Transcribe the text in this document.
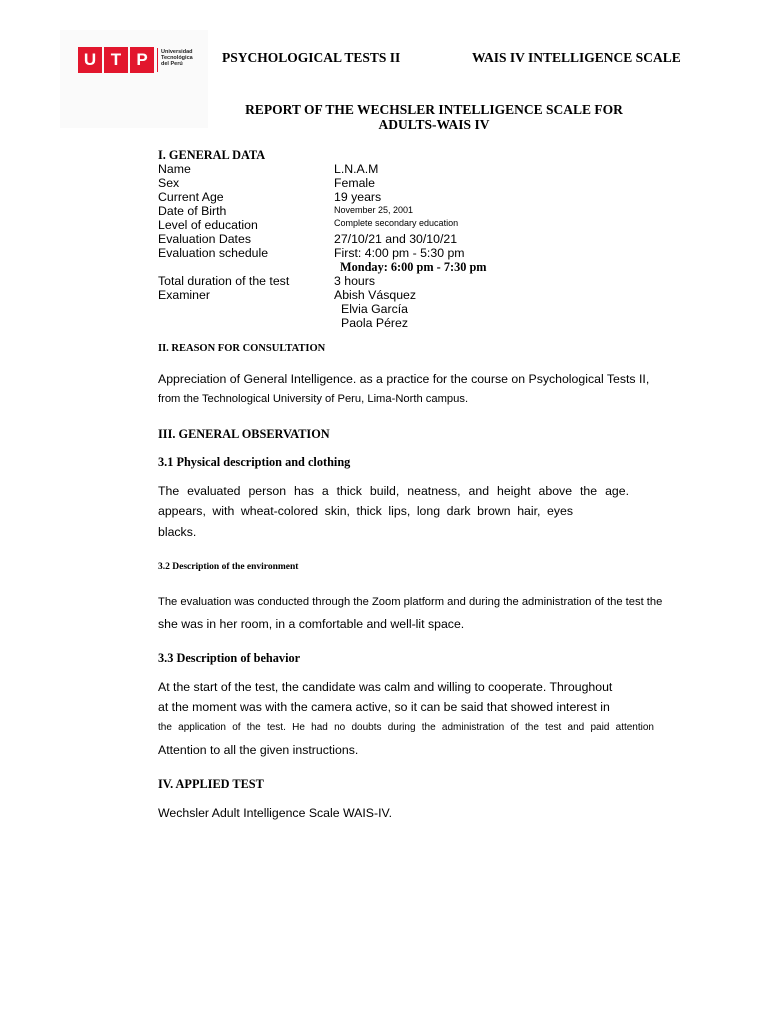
U T P	Universidad
Tecnológica
del Perú	PSYCHOLOGICAL TESTS II	WAIS IV INTELLIGENCE SCALE
REPORT OF THE WECHSLER INTELLIGENCE SCALE FOR
ADULTS-WAIS IV
I. GENERAL DATA
Name	L.N.A.M
Sex	Female
Current Age	19 years
Date of Birth	November 25, 2001
Level of education	Complete secondary education
Evaluation Dates	27/10/21 and 30/10/21
Evaluation schedule	First: 4:00 pm - 5:30 pm
Monday: 6:00 pm - 7:30 pm
Total duration of the test	3 hours
Examiner	Abish Vásquez
Elvia García
Paola Pérez
II. REASON FOR CONSULTATION
Appreciation of General Intelligence. as a practice for the course on Psychological Tests II,
from the Technological University of Peru, Lima-North campus.
III. GENERAL OBSERVATION
3.1 Physical description and clothing
The evaluated person has a thick build, neatness, and height above the age.
appears, with wheat-colored skin, thick lips, long dark brown hair, eyes
blacks.
3.2 Description of the environment
The evaluation was conducted through the Zoom platform and during the administration of the test the
she was in her room, in a comfortable and well-lit space.
3.3 Description of behavior
At the start of the test, the candidate was calm and willing to cooperate. Throughout
at the moment was with the camera active, so it can be said that showed interest in
the application of the test. He had no doubts during the administration of the test and paid attention
Attention to all the given instructions.
IV. APPLIED TEST
Wechsler Adult Intelligence Scale WAIS-IV.
